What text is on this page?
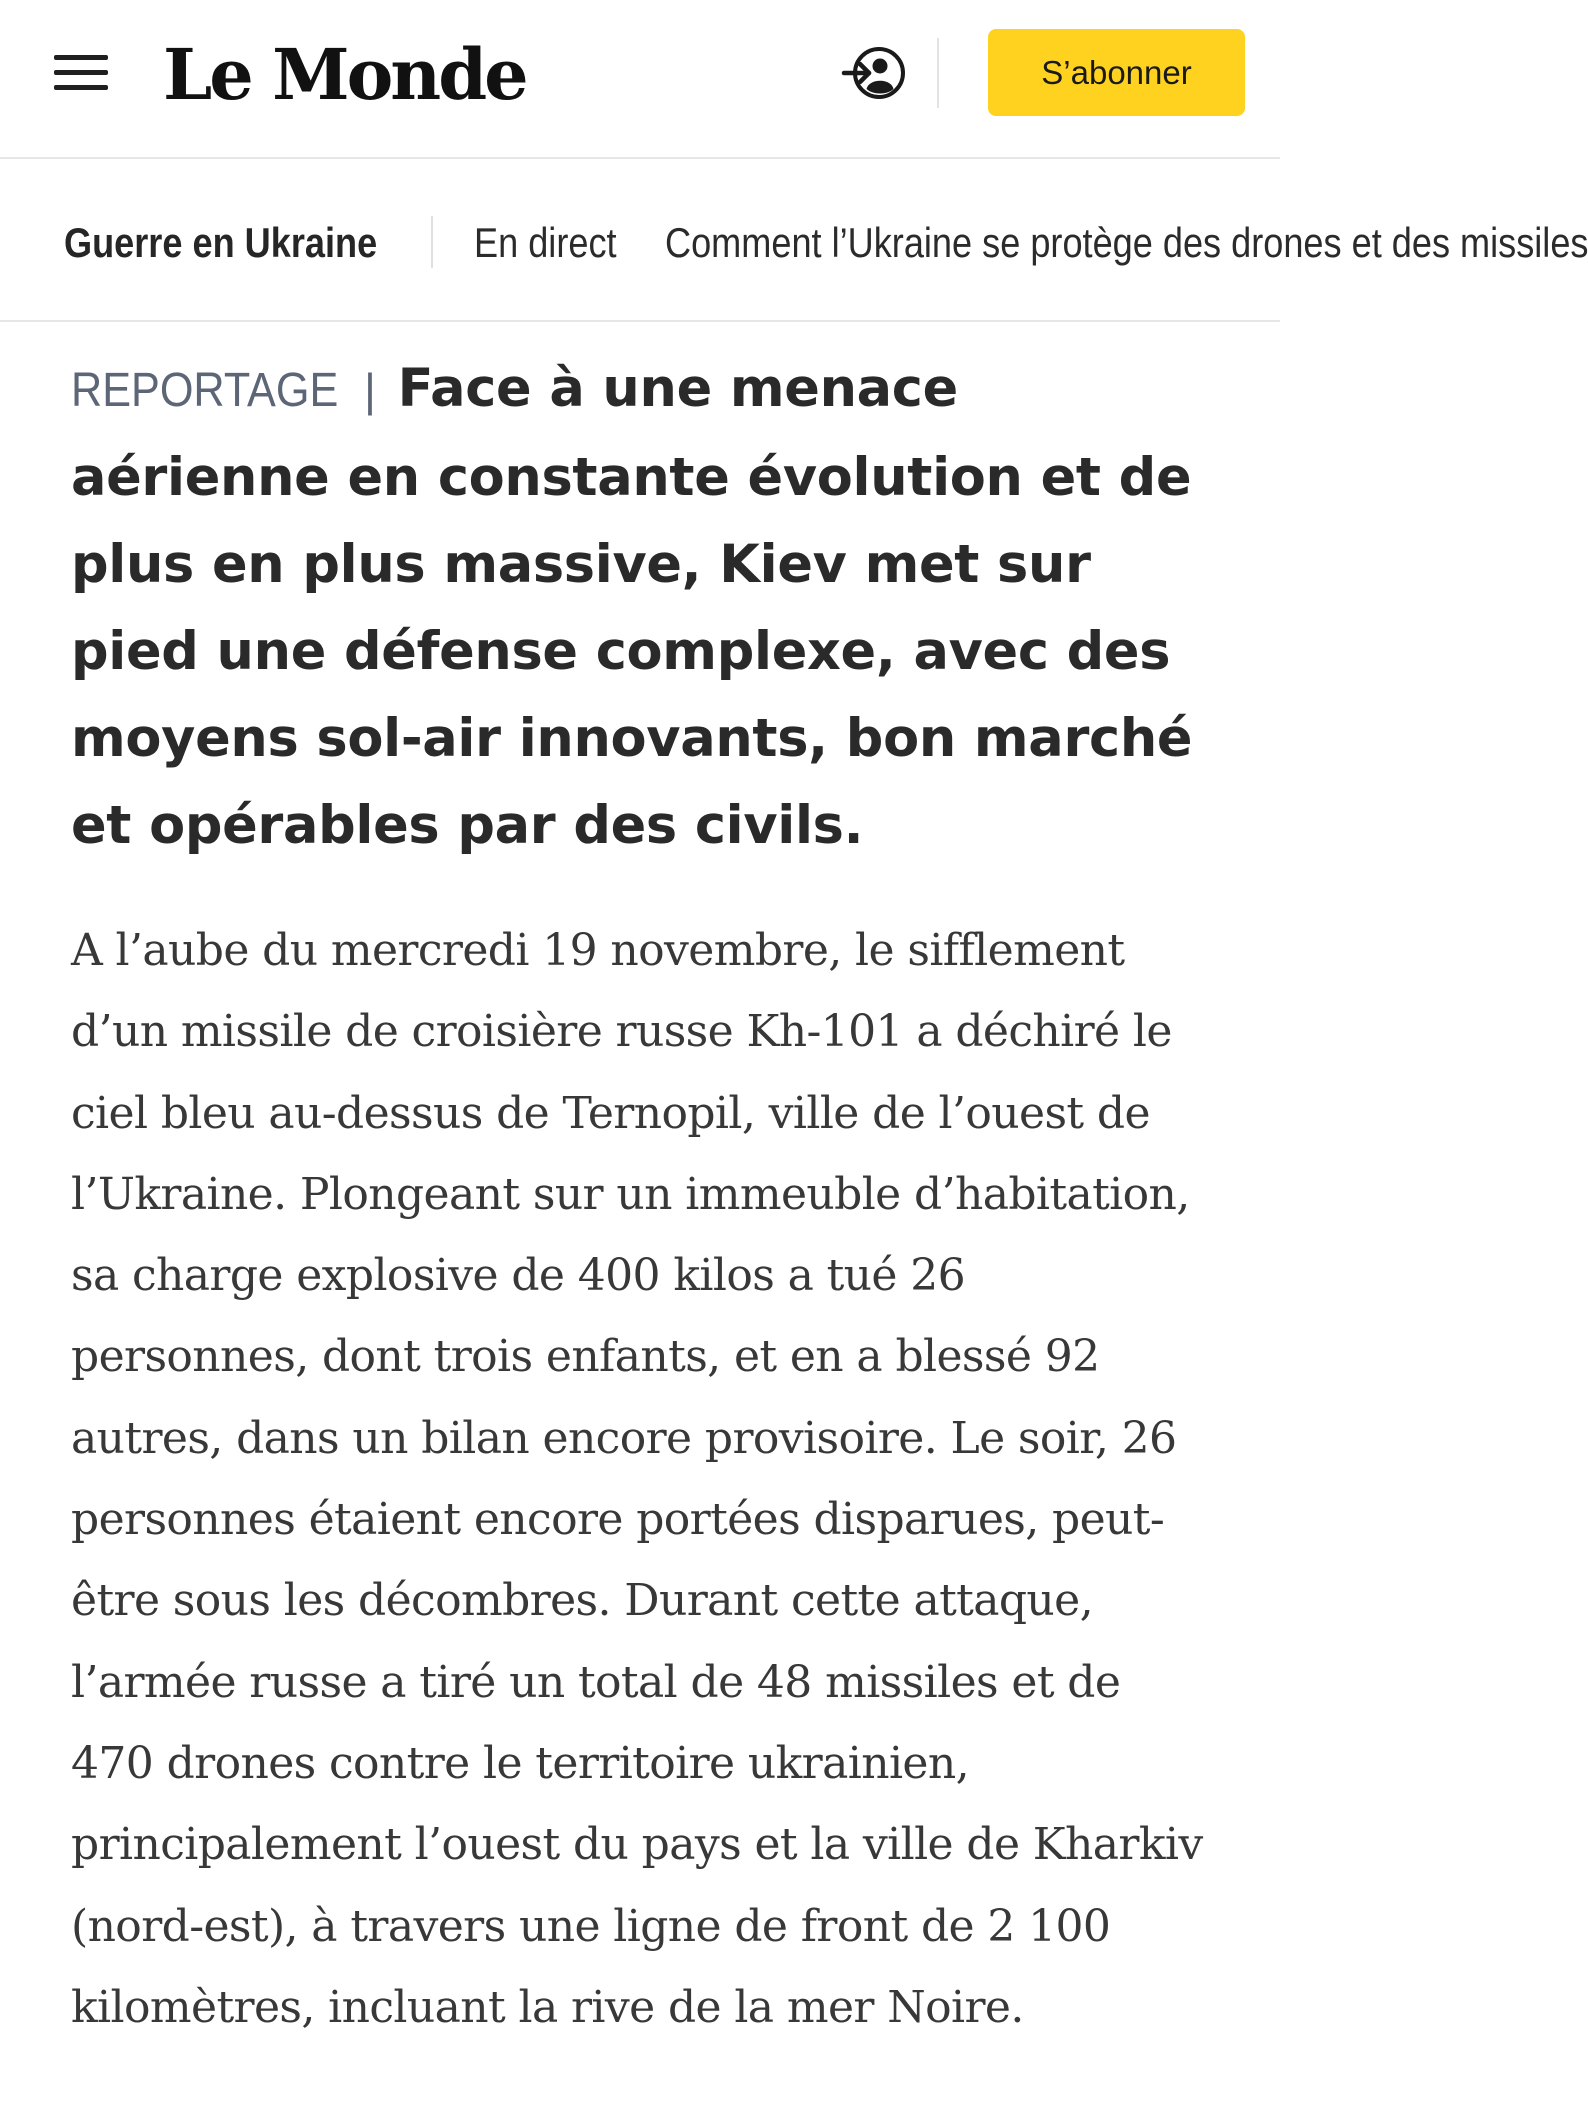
Le Monde	S’abonner
Guerre en Ukraine En direct Comment l’Ukraine se protège des drones et des missiles
REPORTAGE | Face à une menace aérienne en constante évolution et de plus en plus massive, Kiev met sur pied une défense complexe, avec des moyens sol-air innovants, bon marché et opérables par des civils.

A l’aube du mercredi 19 novembre, le sifflement d’un missile de croisière russe Kh-101 a déchiré le ciel bleu au-dessus de Ternopil, ville de l’ouest de l’Ukraine. Plongeant sur un immeuble d’habitation, sa charge explosive de 400 kilos a tué 26 personnes, dont trois enfants, et en a blessé 92 autres, dans un bilan encore provisoire. Le soir, 26 personnes étaient encore portées disparues, peut-être sous les décombres. Durant cette attaque, l’armée russe a tiré un total de 48 missiles et de 470 drones contre le territoire ukrainien, principalement l’ouest du pays et la ville de Kharkiv (nord-est), à travers une ligne de front de 2 100 kilomètres, incluant la rive de la mer Noire.
